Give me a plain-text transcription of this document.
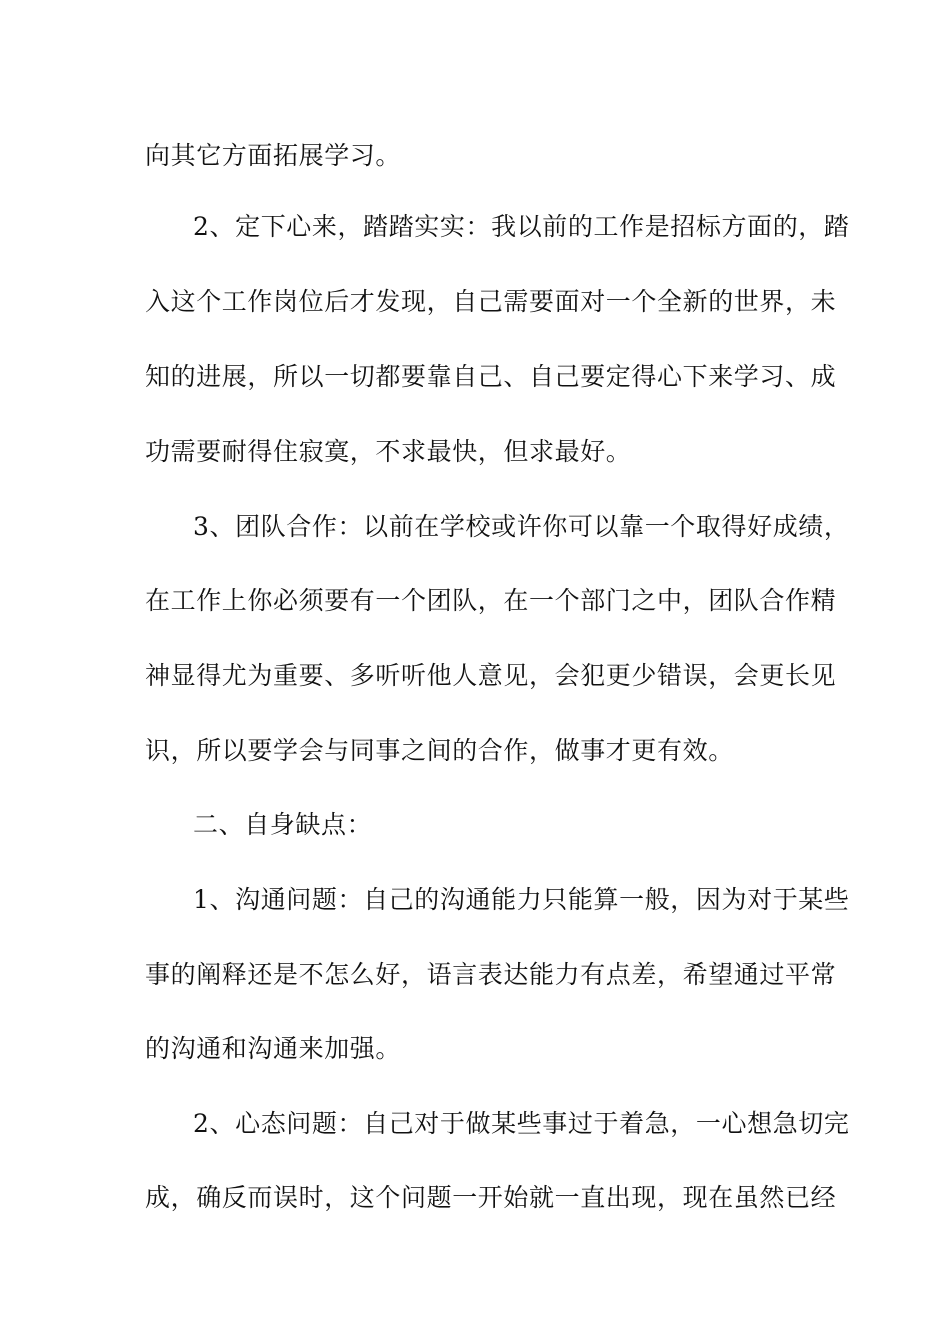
向其它方面拓展学习。
2、定下心来，踏踏实实：我以前的工作是招标方面的，踏
入这个工作岗位后才发现，自己需要面对一个全新的世界，未
知的进展，所以一切都要靠自己、自己要定得心下来学习、成
功需要耐得住寂寞，不求最快，但求最好。
3、团队合作：以前在学校或许你可以靠一个取得好成绩，
在工作上你必须要有一个团队，在一个部门之中，团队合作精
神显得尤为重要、多听听他人意见，会犯更少错误，会更长见
识，所以要学会与同事之间的合作，做事才更有效。
二、自身缺点：
1、沟通问题：自己的沟通能力只能算一般，因为对于某些
事的阐释还是不怎么好，语言表达能力有点差，希望通过平常
的沟通和沟通来加强。
2、心态问题：自己对于做某些事过于着急，一心想急切完
成，确反而误时，这个问题一开始就一直出现，现在虽然已经
